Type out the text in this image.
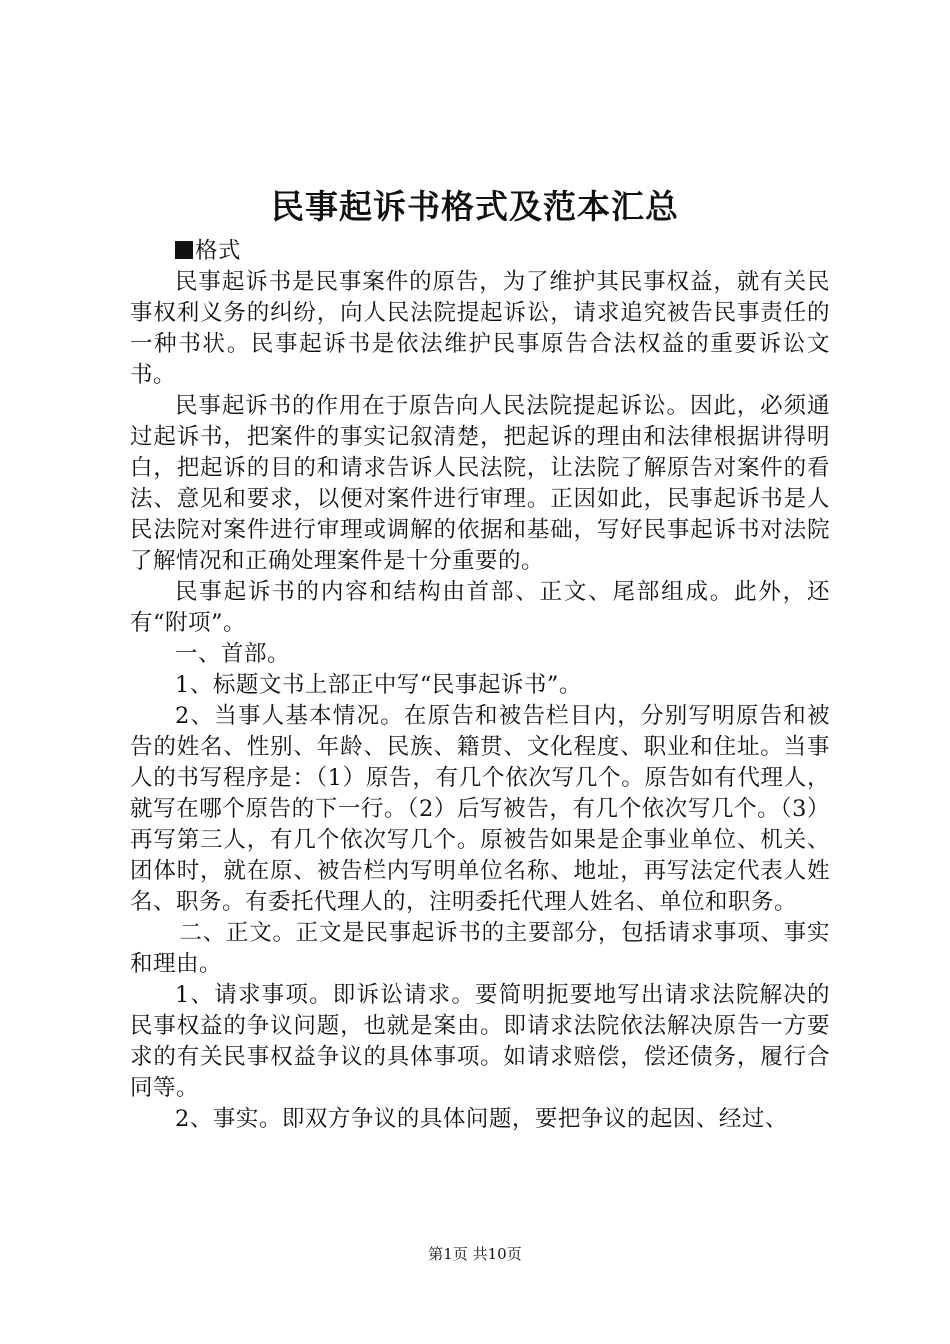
民事起诉书格式及范本汇总

格式

民事起诉书是民事案件的原告，为了维护其民事权益，就有关民事权利义务的纠纷，向人民法院提起诉讼，请求追究被告民事责任的一种书状。民事起诉书是依法维护民事原告合法权益的重要诉讼文书。

民事起诉书的作用在于原告向人民法院提起诉讼。因此，必须通过起诉书，把案件的事实记叙清楚，把起诉的理由和法律根据讲得明白，把起诉的目的和请求告诉人民法院，让法院了解原告对案件的看法、意见和要求，以便对案件进行审理。正因如此，民事起诉书是人民法院对案件进行审理或调解的依据和基础，写好民事起诉书对法院了解情况和正确处理案件是十分重要的。

民事起诉书的内容和结构由首部、正文、尾部组成。此外，还有“附项”。

一、首部。

1、标题文书上部正中写“民事起诉书”。

2、当事人基本情况。在原告和被告栏目内，分别写明原告和被告的姓名、性别、年龄、民族、籍贯、文化程度、职业和住址。当事人的书写程序是：（1）原告，有几个依次写几个。原告如有代理人，就写在哪个原告的下一行。（2）后写被告，有几个依次写几个。（3）再写第三人，有几个依次写几个。原被告如果是企事业单位、机关、团体时，就在原、被告栏内写明单位名称、地址，再写法定代表人姓名、职务。有委托代理人的，注明委托代理人姓名、单位和职务。

二、正文。正文是民事起诉书的主要部分，包括请求事项、事实和理由。

1、请求事项。即诉讼请求。要简明扼要地写出请求法院解决的民事权益的争议问题，也就是案由。即请求法院依法解决原告一方要求的有关民事权益争议的具体事项。如请求赔偿，偿还债务，履行合同等。

2、事实。即双方争议的具体问题，要把争议的起因、经过、

第1页 共10页
